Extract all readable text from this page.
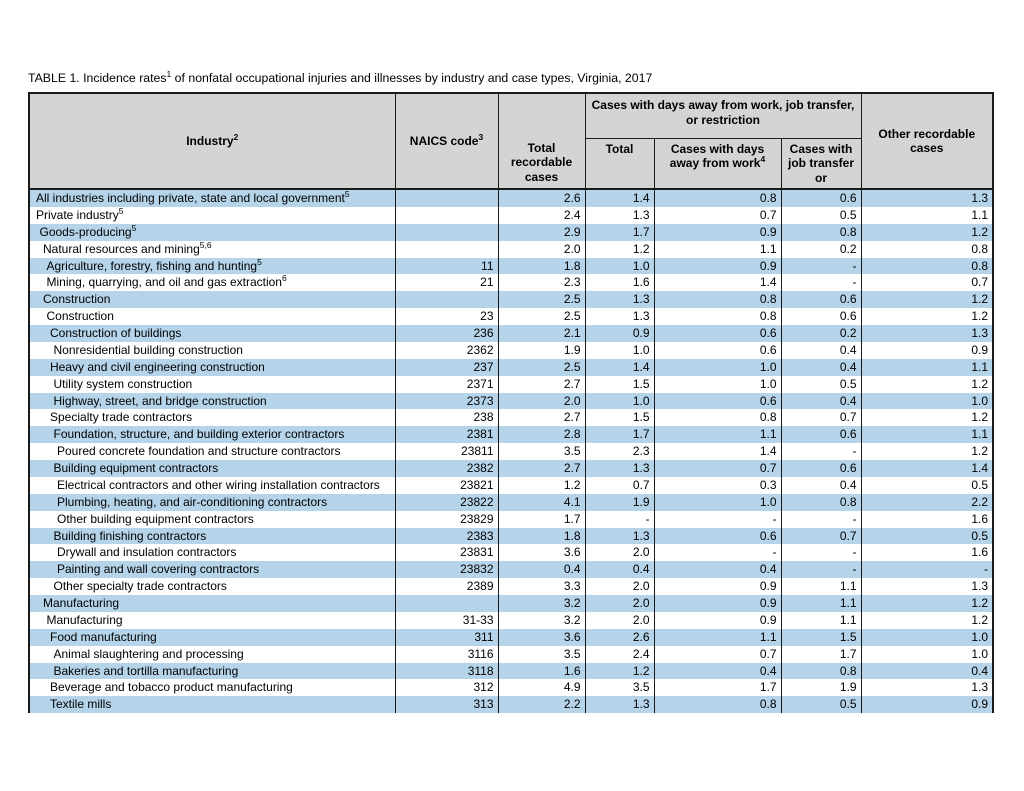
TABLE 1. Incidence rates$^1$ of nonfatal occupational injuries and illnesses by industry and case types, Virginia, 2017
Industry$^2$	NAICS code$^3$	Total recordable cases	Cases with days away from work, job transfer, or restriction			Other recordable cases
			Total	Cases with days away from work$^4$	Cases with job transfer or	
All industries including private, state and local government$^5$		2.6	1.4	0.8	0.6	1.3
Private industry$^5$		2.4	1.3	0.7	0.5	1.1
Goods-producing$^5$		2.9	1.7	0.9	0.8	1.2
Natural resources and mining$^{5,6}$		2.0	1.2	1.1	0.2	0.8
Agriculture, forestry, fishing and hunting$^5$	11	1.8	1.0	0.9	-	0.8
Mining, quarrying, and oil and gas extraction$^6$	21	2.3	1.6	1.4	-	0.7
Construction		2.5	1.3	0.8	0.6	1.2
Construction	23	2.5	1.3	0.8	0.6	1.2
Construction of buildings	236	2.1	0.9	0.6	0.2	1.3
Nonresidential building construction	2362	1.9	1.0	0.6	0.4	0.9
Heavy and civil engineering construction	237	2.5	1.4	1.0	0.4	1.1
Utility system construction	2371	2.7	1.5	1.0	0.5	1.2
Highway, street, and bridge construction	2373	2.0	1.0	0.6	0.4	1.0
Specialty trade contractors	238	2.7	1.5	0.8	0.7	1.2
Foundation, structure, and building exterior contractors	2381	2.8	1.7	1.1	0.6	1.1
Poured concrete foundation and structure contractors	23811	3.5	2.3	1.4	-	1.2
Building equipment contractors	2382	2.7	1.3	0.7	0.6	1.4
Electrical contractors and other wiring installation contractors	23821	1.2	0.7	0.3	0.4	0.5
Plumbing, heating, and air-conditioning contractors	23822	4.1	1.9	1.0	0.8	2.2
Other building equipment contractors	23829	1.7	-	-	-	1.6
Building finishing contractors	2383	1.8	1.3	0.6	0.7	0.5
Drywall and insulation contractors	23831	3.6	2.0	-	-	1.6
Painting and wall covering contractors	23832	0.4	0.4	0.4	-	-
Other specialty trade contractors	2389	3.3	2.0	0.9	1.1	1.3
Manufacturing		3.2	2.0	0.9	1.1	1.2
Manufacturing	31-33	3.2	2.0	0.9	1.1	1.2
Food manufacturing	311	3.6	2.6	1.1	1.5	1.0
Animal slaughtering and processing	3116	3.5	2.4	0.7	1.7	1.0
Bakeries and tortilla manufacturing	3118	1.6	1.2	0.4	0.8	0.4
Beverage and tobacco product manufacturing	312	4.9	3.5	1.7	1.9	1.3
Textile mills	313	2.2	1.3	0.8	0.5	0.9
